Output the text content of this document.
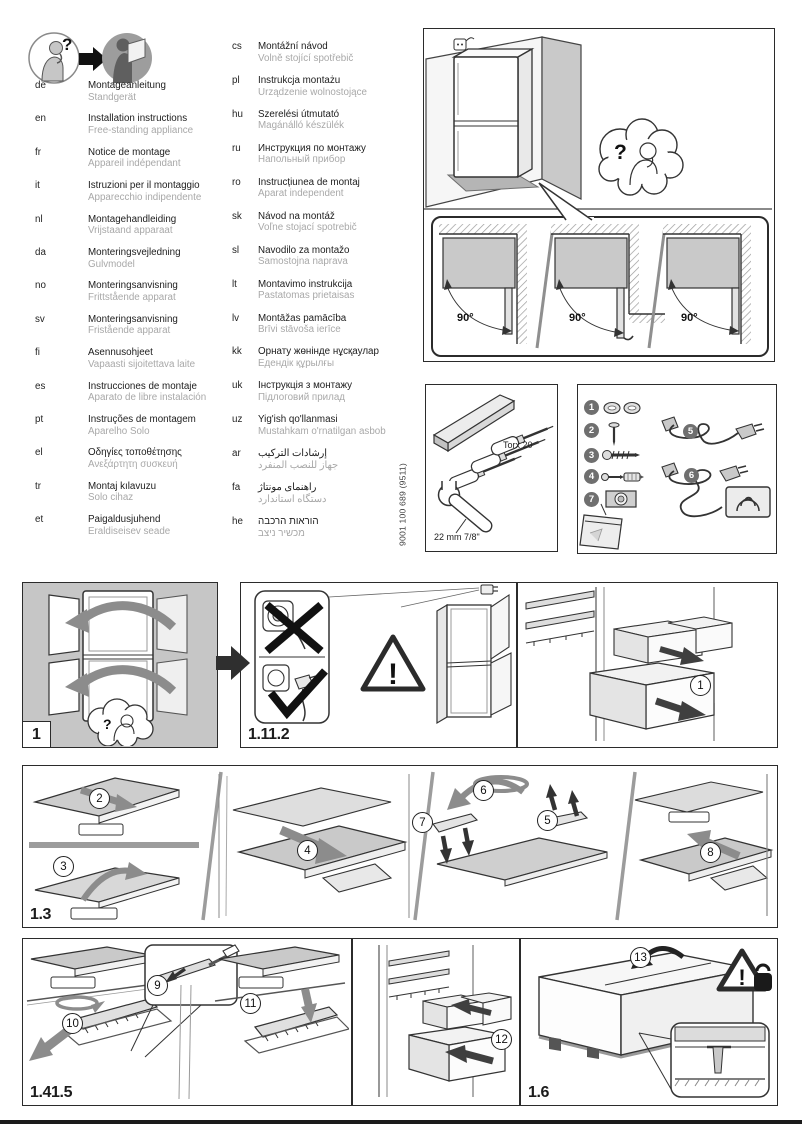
?
de	Montageanleitung
Standgerät
en	Installation instructions
Free-standing appliance
fr	Notice de montage
Appareil indépendant
it	Istruzioni per il montaggio
Apparecchio indipendente
nl	Montagehandleiding
Vrijstaand apparaat
da	Monteringsvejledning
Gulvmodel
no	Monteringsanvisning
Frittstående apparat
sv	Monteringsanvisning
Fristående apparat
fi	Asennusohjeet
Vapaasti sijoitettava laite
es	Instrucciones de montaje
Aparato de libre instalación
pt	Instruções de montagem
Aparelho Solo
el	Οδηγίες τοποθέτησης
Ανεξάρτητη συσκευή
tr	Montaj kılavuzu
Solo cihaz
et	Paigaldusjuhend
Eraldiseisev seade
cs Montážní návod
Volně stojící spotřebič
pl Instrukcja montażu
Urządzenie wolnostojące
hu Szerelési útmutató
Magánálló készülék
ru Инструкция по монтажу
Напольный прибор
ro Instrucțiunea de montaj
Aparat independent
sk Návod na montáž
Voľne stojací spotrebič
sl Navodilo za montažo
Samostojna naprava
lt Montavimo instrukcija
Pastatomas prietaisas
lv Montāžas pamācība
Brīvi stāvoša ierīce
kk Орнату жөнінде нұсқаулар
Едендік құрылғы
uk Інструкція з монтажу
Підлоговий прилад
uz Yig'ish qo'llanmasi
Mustahkam o'rnatilgan asbob
ar إرشادات التركيب
جهاز للنصب المنفرد
fa راهنمای مونتاژ
دستگاه استاندارد
he הוראות הרכבה
מכשיר ניצב	9001 100 689 (9511)
?
90°	90°	90°
Torx 20
22 mm 7/8"
1
2
3
4
7
5
6
?
1
!
1.11.2
1
2
3
4
6
7	5
8
1.3
9
10
11
1.41.5
12
!
13
1.6
